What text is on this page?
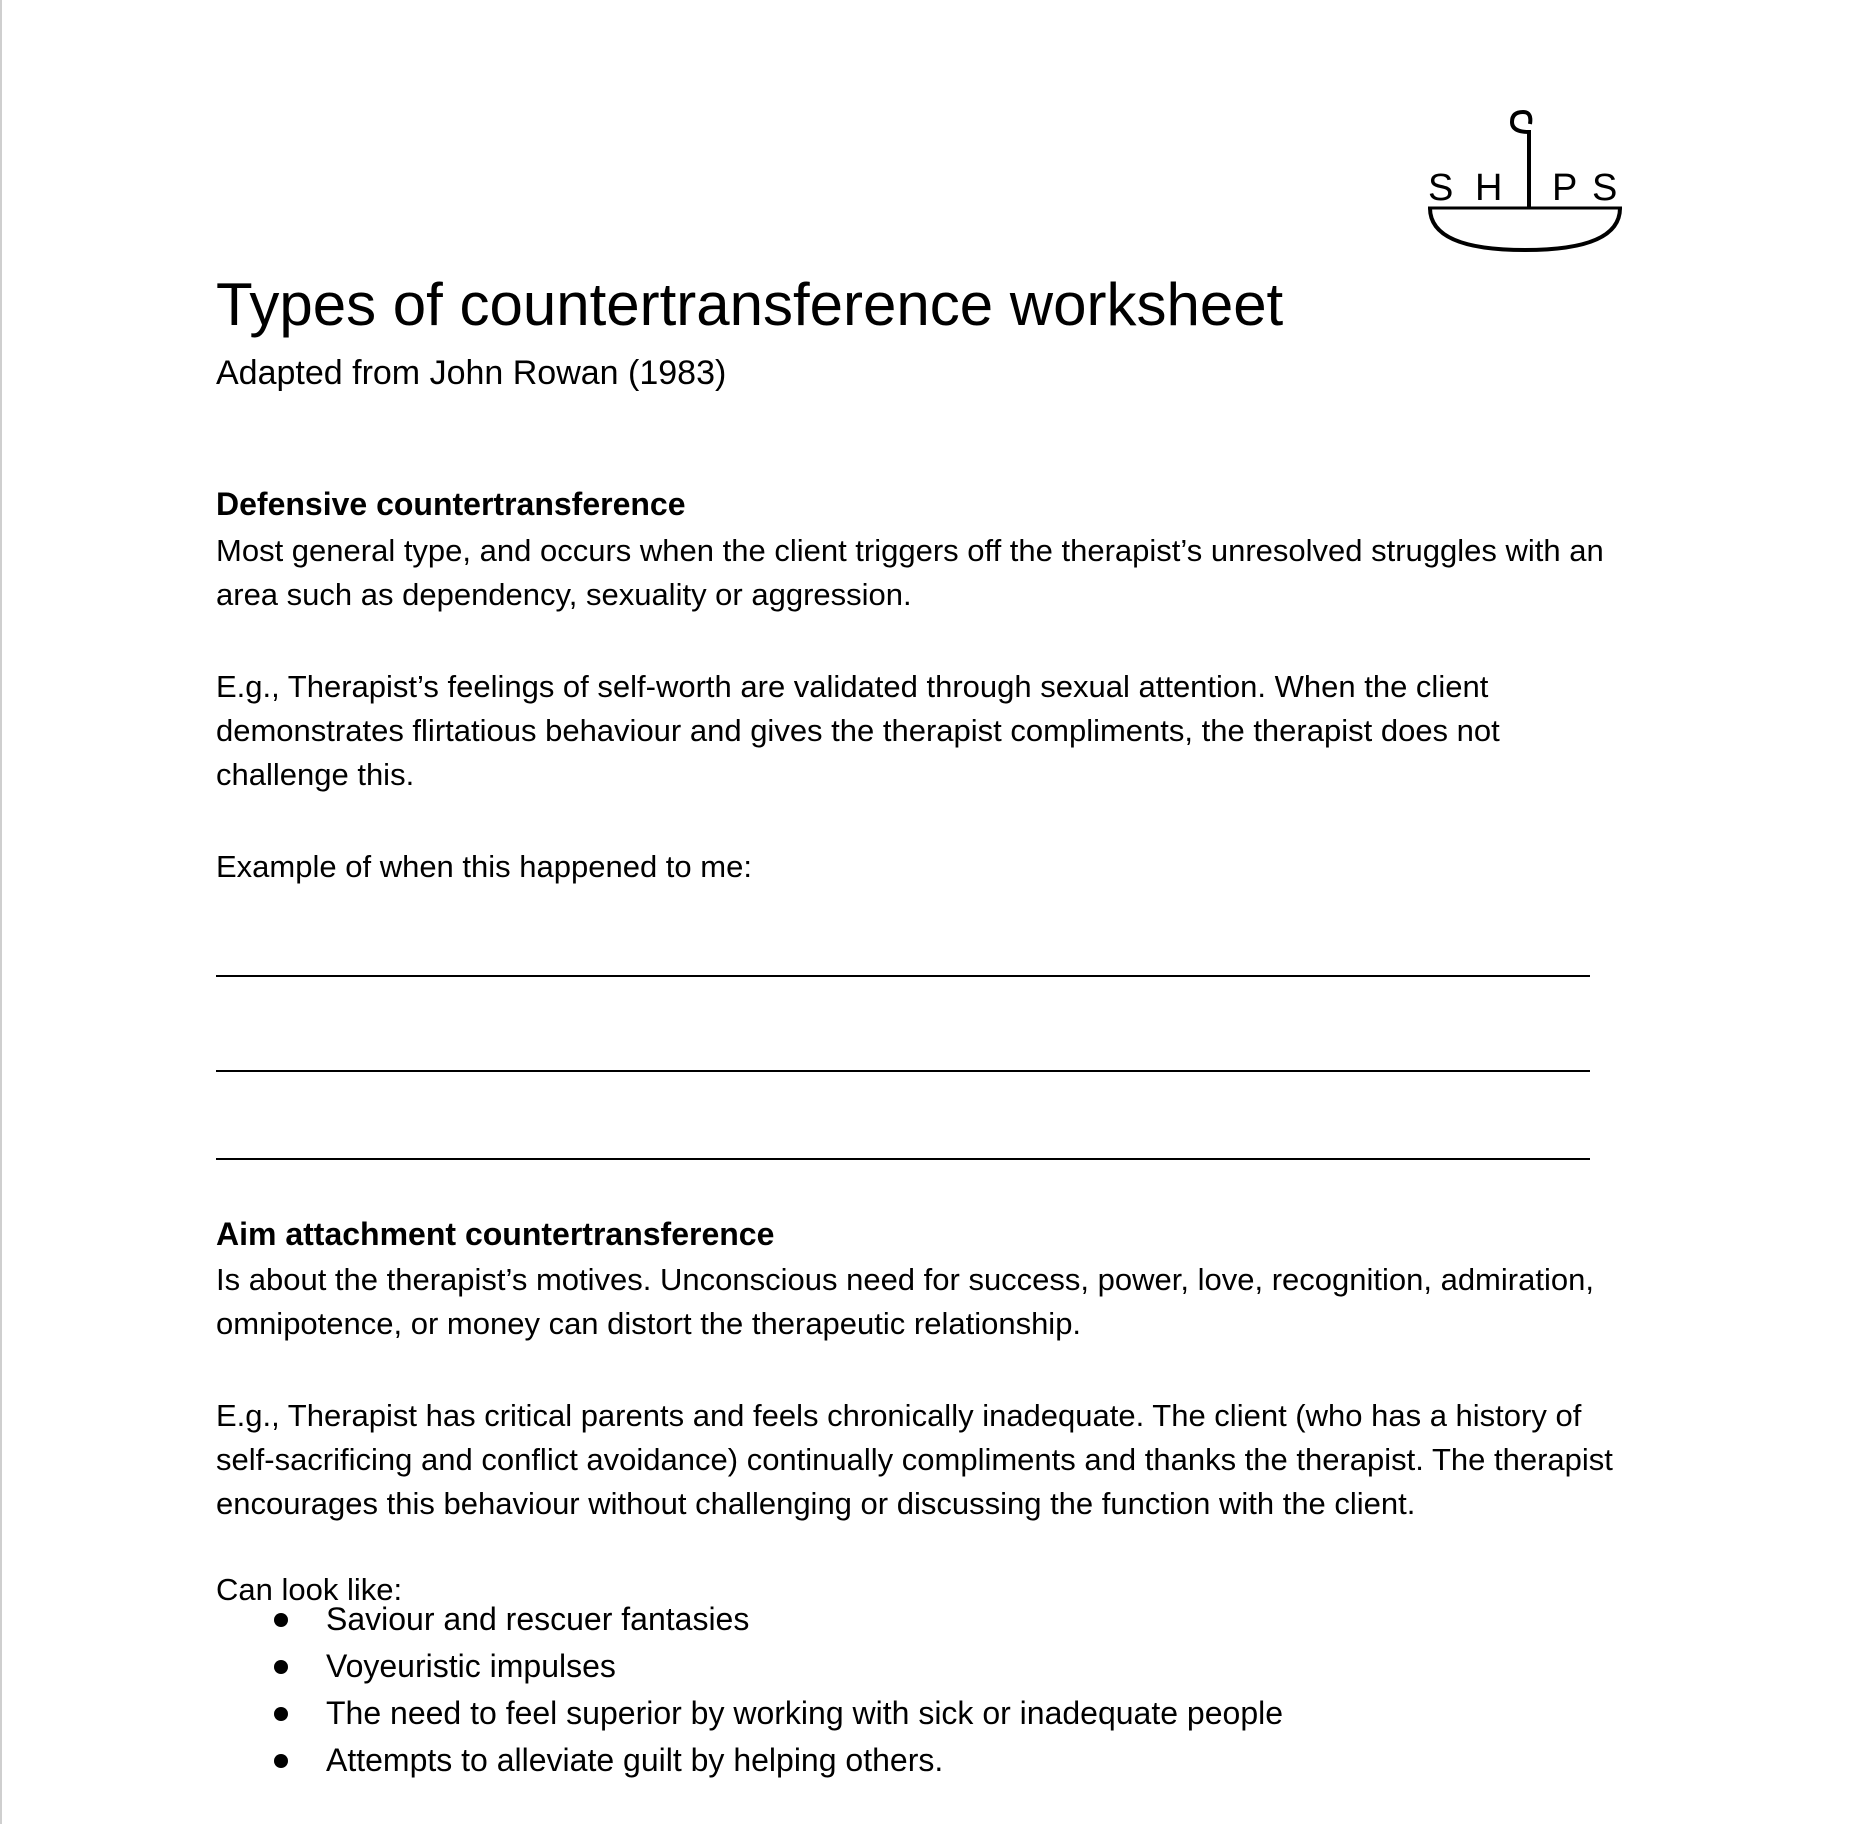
S H P S
Types of countertransference worksheet
Adapted from John Rowan (1983)
Defensive countertransference
Most general type, and occurs when the client triggers off the therapist’s unresolved struggles with an area such as dependency, sexuality or aggression.
E.g., Therapist’s feelings of self-worth are validated through sexual attention. When the client demonstrates flirtatious behaviour and gives the therapist compliments, the therapist does not challenge this.
Example of when this happened to me:
Aim attachment countertransference
Is about the therapist’s motives. Unconscious need for success, power, love, recognition, admiration, omnipotence, or money can distort the therapeutic relationship.
E.g., Therapist has critical parents and feels chronically inadequate. The client (who has a history of self-sacrificing and conflict avoidance) continually compliments and thanks the therapist. The therapist encourages this behaviour without challenging or discussing the function with the client.
Can look like:
Saviour and rescuer fantasies
Voyeuristic impulses
The need to feel superior by working with sick or inadequate people
Attempts to alleviate guilt by helping others.
